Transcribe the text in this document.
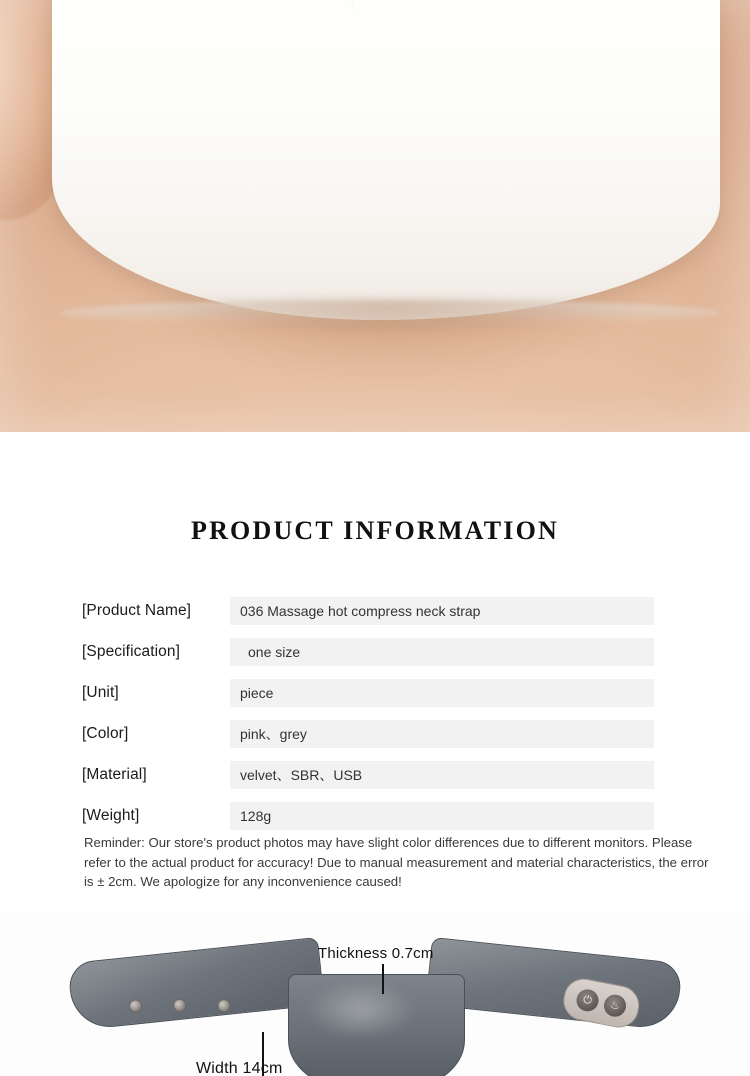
PRODUCT INFORMATION
[Product Name]	036 Massage hot compress neck strap
[Specification]	one size
[Unit]	piece
[Color]	pink、grey
[Material]	velvet、SBR、USB
[Weight]	128g
Reminder: Our store's product photos may have slight color differences due to different monitors. Please refer to the actual product for accuracy! Due to manual measurement and material characteristics, the error is ± 2cm. We apologize for any inconvenience caused!
⏻	♨
Thickness 0.7cm
Width 14cm
